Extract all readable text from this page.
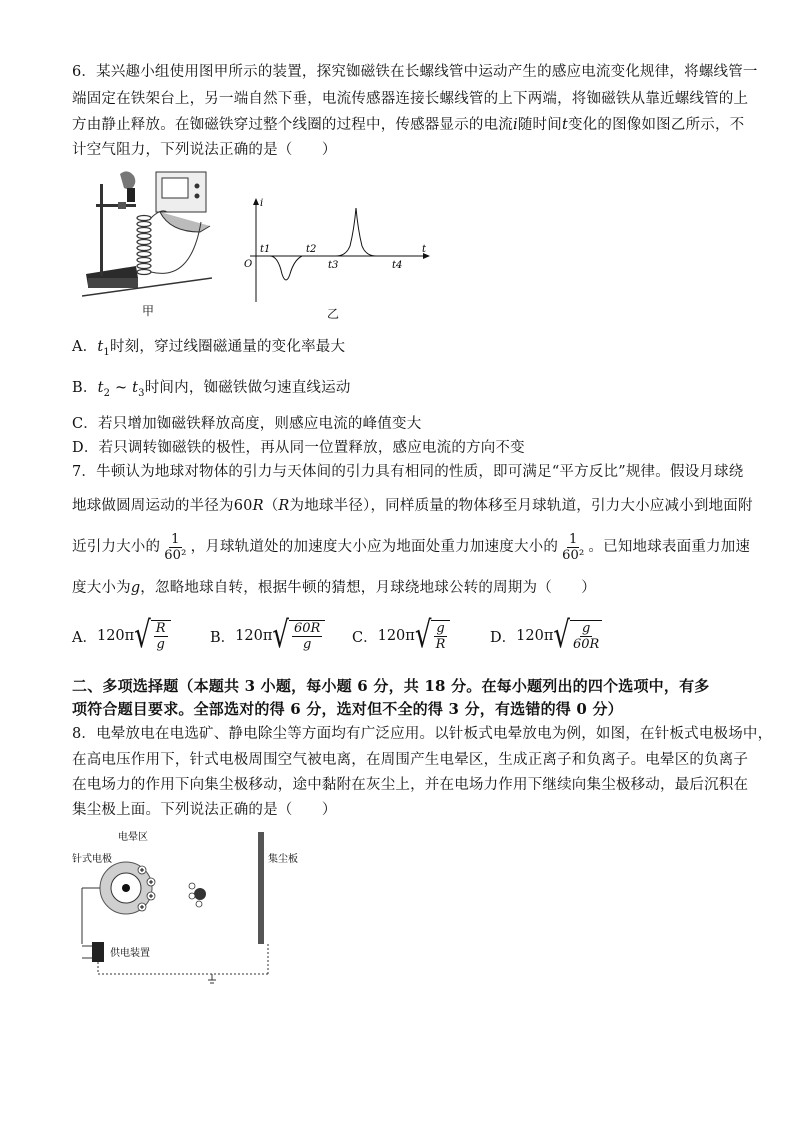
6．某兴趣小组使用图甲所示的装置，探究铷磁铁在长螺线管中运动产生的感应电流变化规律，将螺线管一
端固定在铁架台上，另一端自然下垂，电流传感器连接长螺线管的上下两端，将铷磁铁从靠近螺线管的上
方由静止释放。在铷磁铁穿过整个线圈的过程中，传感器显示的电流i随时间t变化的图像如图乙所示，不
计空气阻力，下列说法正确的是（　　）
甲
i
t
O
t1	t2
t3	t4
乙
A．$t_1$时刻，穿过线圈磁通量的变化率最大
B．$t_2$ ~ $t_3$时间内，铷磁铁做匀速直线运动
C．若只增加铷磁铁释放高度，则感应电流的峰值变大
D．若只调转铷磁铁的极性，再从同一位置释放，感应电流的方向不变
7．牛顿认为地球对物体的引力与天体间的引力具有相同的性质，即可满足“平方反比”规律。假设月球绕
地球做圆周运动的半径为60R（R为地球半径），同样质量的物体移至月球轨道，引力大小应减小到地面附
近引力大小的 $\frac{1}{\text{60²}}$ ，月球轨道处的加速度大小应为地面处重力加速度大小的 $\frac{1}{\text{60²}}$ 。已知地球表面重力加速
度大小为g，忽略地球自转，根据牛顿的猜想，月球绕地球公转的周期为（　　）
A． 120π √ $\frac{R}{g}$	B． 120π √ $\frac{60R}{g}$ C． 120π √ $\frac{g}{R}$	D． 120π √ $\frac{g}{60R}$
二、多项选择题（本题共 3 小题，每小题 6 分，共 18 分。在每小题列出的四个选项中，有多
项符合题目要求。全部选对的得 6 分，选对但不全的得 3 分，有选错的得 0 分）
8．电晕放电在电选矿、静电除尘等方面均有广泛应用。以针板式电晕放电为例，如图，在针板式电极场中，
在高电压作用下，针式电极周围空气被电离，在周围产生电晕区，生成正离子和负离子。电晕区的负离子
在电场力的作用下向集尘极移动，途中黏附在灰尘上，并在电场力作用下继续向集尘极移动，最后沉积在
集尘极上面。下列说法正确的是（　　）
电晕区
针式电极	集尘板
供电装置
